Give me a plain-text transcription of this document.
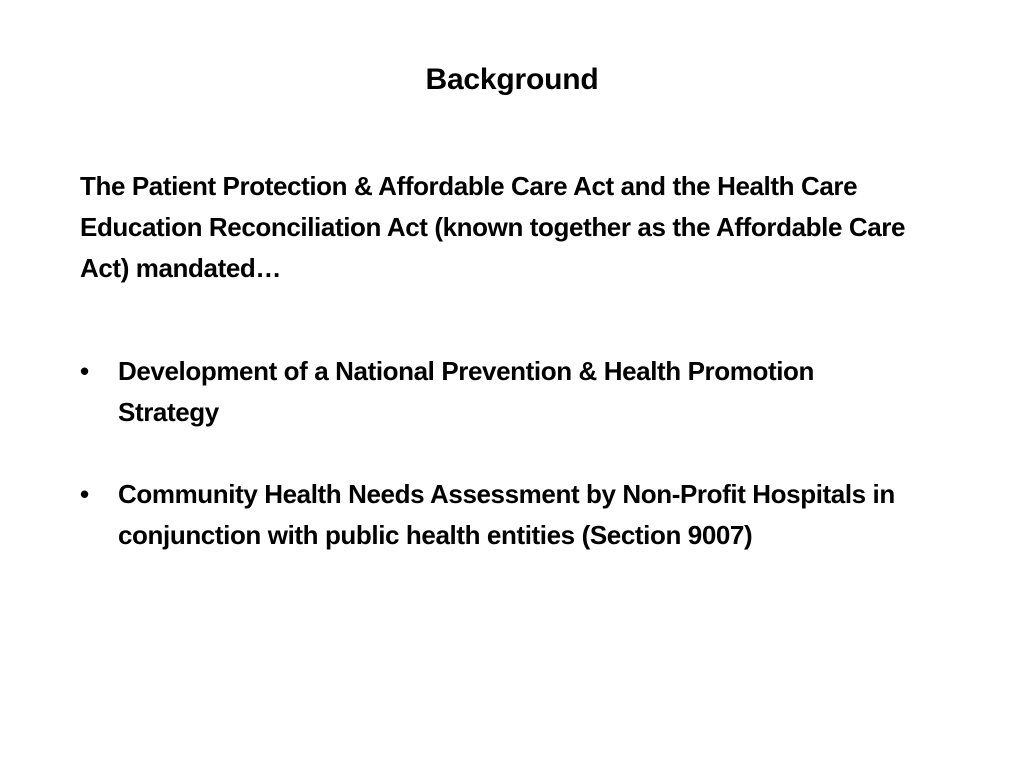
Background

The Patient Protection & Affordable Care Act and the Health Care Education Reconciliation Act (known together as the Affordable Care Act) mandated…

•	Development of a National Prevention & Health Promotion Strategy
•	Community Health Needs Assessment by Non-Profit Hospitals in conjunction with public health entities (Section 9007)
